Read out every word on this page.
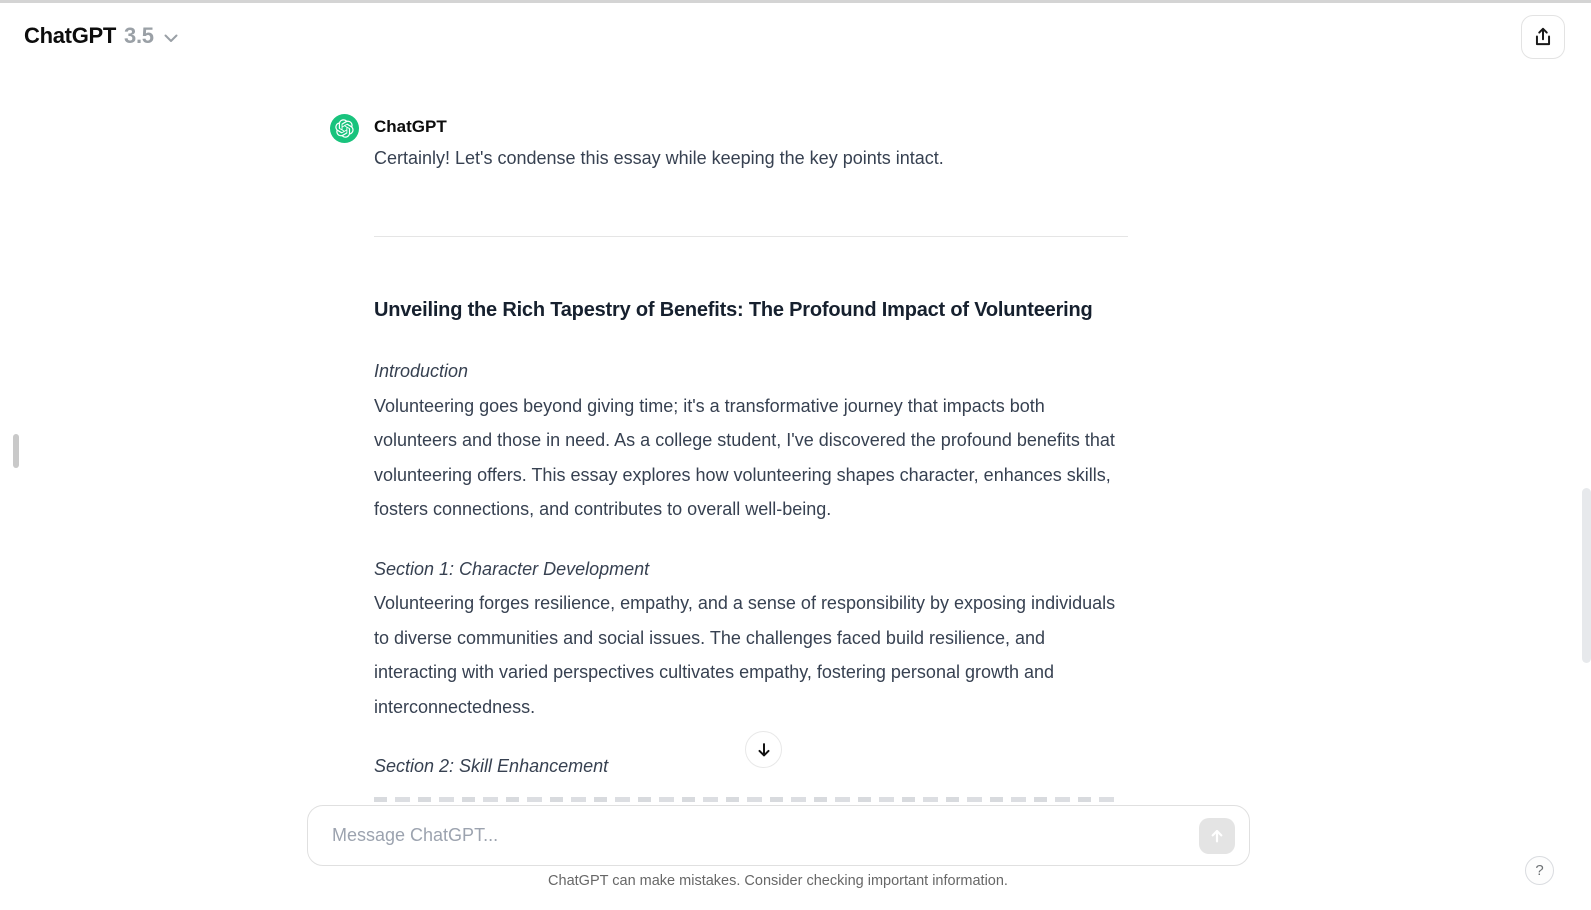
ChatGPT 3.5
ChatGPT
Certainly! Let's condense this essay while keeping the key points intact.
Unveiling the Rich Tapestry of Benefits: The Profound Impact of Volunteering
Introduction
Volunteering goes beyond giving time; it's a transformative journey that impacts both volunteers and those in need. As a college student, I've discovered the profound benefits that volunteering offers. This essay explores how volunteering shapes character, enhances skills, fosters connections, and contributes to overall well-being.
Section 1: Character Development
Volunteering forges resilience, empathy, and a sense of responsibility by exposing individuals to diverse communities and social issues. The challenges faced build resilience, and interacting with varied perspectives cultivates empathy, fostering personal growth and interconnectedness.
Section 2: Skill Enhancement
Message ChatGPT...
ChatGPT can make mistakes. Consider checking important information.
?
